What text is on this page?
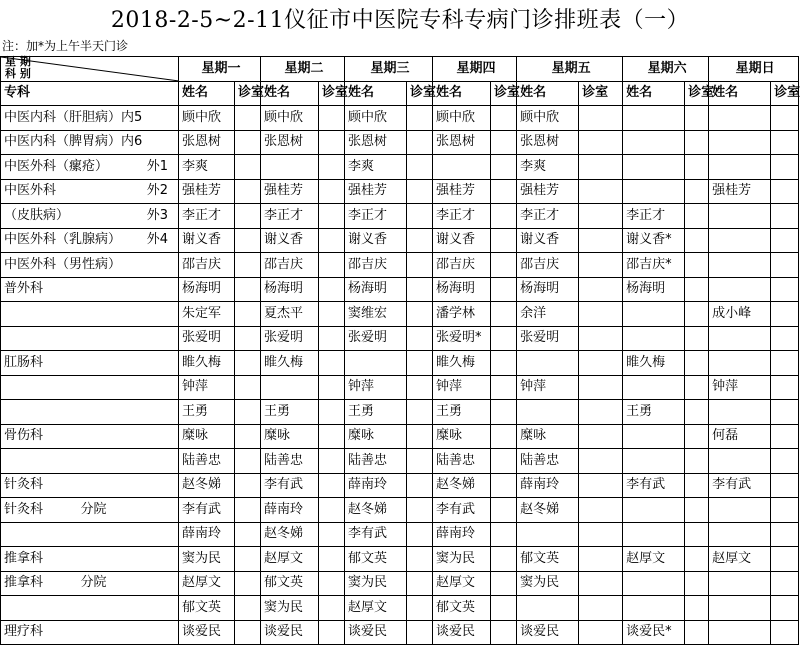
2018-2-5~2-11仪征市中医院专科专病门诊排班表（一）
注：加*为上午半天门诊
星 期
科 别		星期一		星期二		星期三		星期四		星期五		星期六		星期日	
专科		姓名	诊室	姓名	诊室	姓名	诊室	姓名	诊室	姓名	诊室	姓名	诊室	姓名	诊室
中医内科（肝胆病）内5		顾中欣		顾中欣		顾中欣		顾中欣		顾中欣					
中医内科（脾胃病）内6		张恩树		张恩树		张恩树		张恩树		张恩树					
中医外科（瘰疮）	外1	李爽				李爽				李爽					
中医外科	外2	强桂芳		强桂芳		强桂芳		强桂芳		强桂芳				强桂芳	
（皮肤病）	外3	李正才		李正才		李正才		李正才		李正才		李正才			
中医外科（乳腺病）	外4	谢义香		谢义香		谢义香		谢义香		谢义香		谢义香*			
中医外科（男性病）		邵吉庆		邵吉庆		邵吉庆		邵吉庆		邵吉庆		邵吉庆*			
普外科		杨海明		杨海明		杨海明		杨海明		杨海明		杨海明			
		朱定军		夏杰平		窦维宏		潘学林		余洋				成小峰	
		张爱明		张爱明		张爱明		张爱明*		张爱明					
肛肠科		睢久梅		睢久梅				睢久梅				睢久梅			
		钟萍				钟萍		钟萍		钟萍				钟萍	
		王勇		王勇		王勇		王勇				王勇			
骨伤科		糜咏		糜咏		糜咏		糜咏		糜咏				何磊	
		陆善忠		陆善忠		陆善忠		陆善忠		陆善忠					
针灸科		赵冬娣		李有武		薛南玲		赵冬娣		薛南玲		李有武		李有武	
针灸科	分院	李有武		薛南玲		赵冬娣		李有武		赵冬娣					
		薛南玲		赵冬娣		李有武		薛南玲							
推拿科		窦为民		赵厚文		郁文英		窦为民		郁文英		赵厚文		赵厚文	
推拿科	分院	赵厚文		郁文英		窦为民		赵厚文		窦为民					
		郁文英		窦为民		赵厚文		郁文英							
理疗科		谈爱民		谈爱民		谈爱民		谈爱民		谈爱民		谈爱民*			
